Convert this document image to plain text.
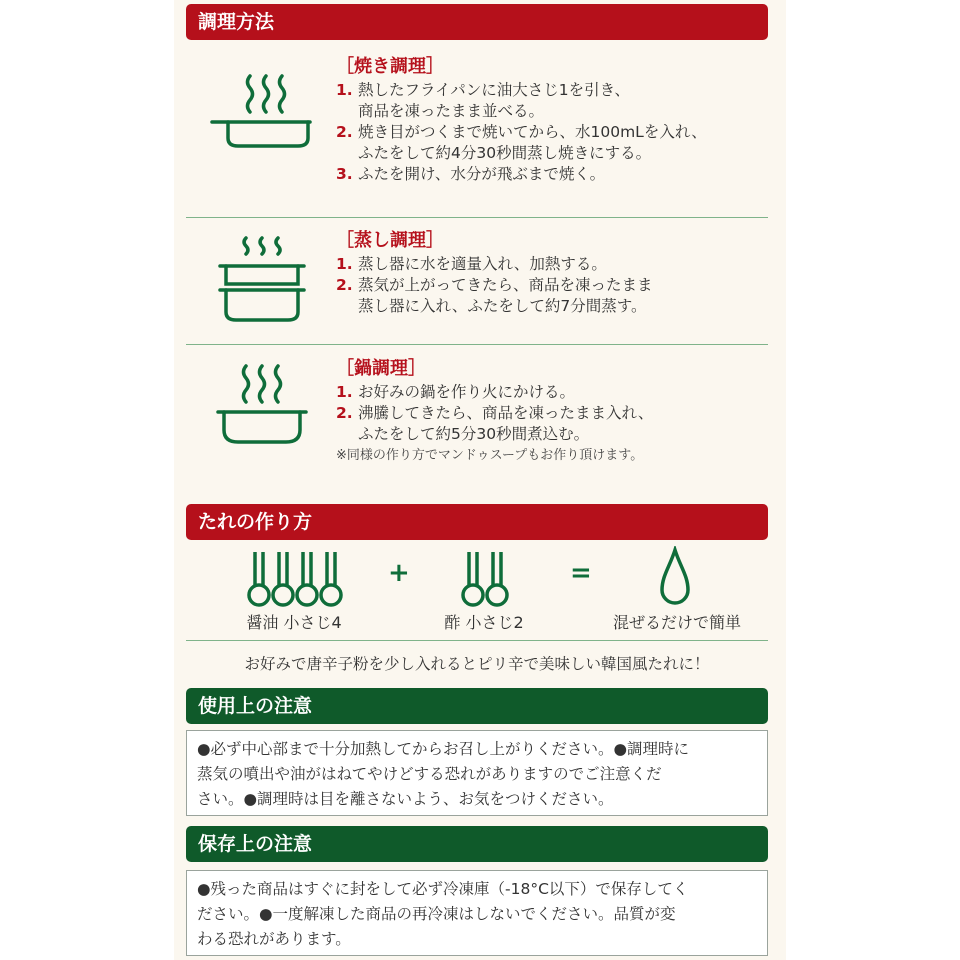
調理方法
［焼き調理］
1. 熱したフライパンに油大さじ1を引き、
商品を凍ったまま並べる。
2. 焼き目がつくまで焼いてから、水100mLを入れ、
ふたをして約4分30秒間蒸し焼きにする。
3. ふたを開け、水分が飛ぶまで焼く。
［蒸し調理］
1. 蒸し器に水を適量入れ、加熱する。
2. 蒸気が上がってきたら、商品を凍ったまま
蒸し器に入れ、ふたをして約7分間蒸す。
［鍋調理］
1. お好みの鍋を作り火にかける。
2. 沸騰してきたら、商品を凍ったまま入れ、
ふたをして約5分30秒間煮込む。
※同様の作り方でマンドゥスープもお作り頂けます。
たれの作り方
+	=
醤油 小さじ4	酢 小さじ2	混ぜるだけで簡単
お好みで唐辛子粉を少し入れるとピリ辛で美味しい韓国風たれに！
使用上の注意
●必ず中心部まで十分加熱してからお召し上がりください。●調理時に
蒸気の噴出や油がはねてやけどする恐れがありますのでご注意くだ
さい。●調理時は目を離さないよう、お気をつけください。
保存上の注意
●残った商品はすぐに封をして必ず冷凍庫（-18°C以下）で保存してく
ださい。●一度解凍した商品の再冷凍はしないでください。品質が変
わる恐れがあります。
